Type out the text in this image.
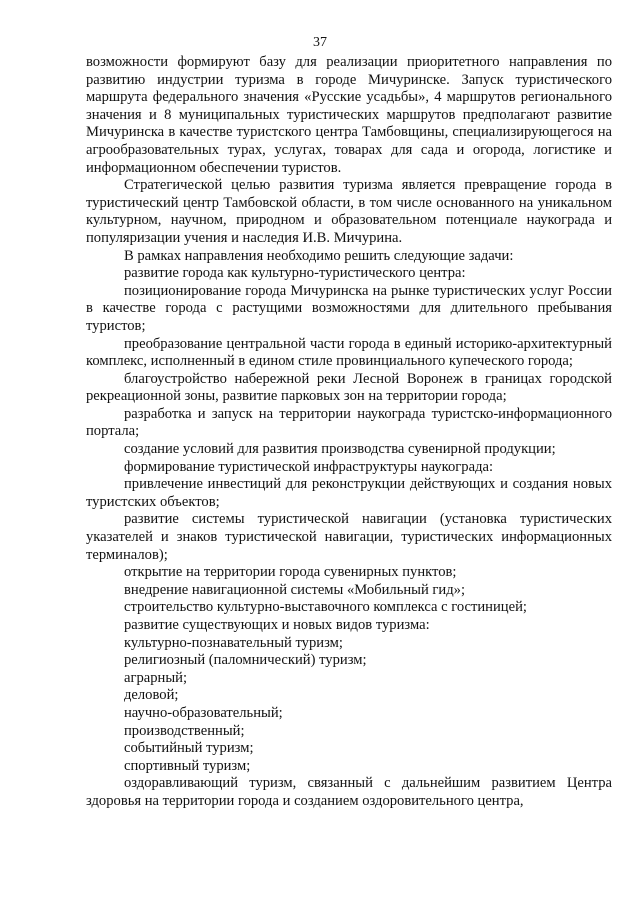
37

возможности формируют базу для реализации приоритетного направления по развитию индустрии туризма в городе Мичуринске. Запуск туристического маршрута федерального значения «Русские усадьбы», 4 маршрутов регионального значения и 8 муниципальных туристических маршрутов предполагают развитие Мичуринска в качестве туристского центра Тамбовщины, специализирующегося на агрообразовательных турах, услугах, товарах для сада и огорода, логистике и информационном обеспечении туристов.

Стратегической целью развития туризма является превращение города в туристический центр Тамбовской области, в том числе основанного на уникальном культурном, научном, природном и образовательном потенциале наукограда и популяризации учения и наследия И.В. Мичурина.

В рамках направления необходимо решить следующие задачи:

развитие города как культурно-туристического центра:

позиционирование города Мичуринска на рынке туристических услуг России в качестве города с растущими возможностями для длительного пребывания туристов;

преобразование центральной части города в единый историко-архитектурный комплекс, исполненный в едином стиле провинциального купеческого города;

благоустройство набережной реки Лесной Воронеж в границах городской рекреационной зоны, развитие парковых зон на территории города;

разработка и запуск на территории наукограда туристско-информационного портала;

создание условий для развития производства сувенирной продукции;

формирование туристической инфраструктуры наукограда:

привлечение инвестиций для реконструкции действующих и создания новых туристских объектов;

развитие системы туристической навигации (установка туристических указателей и знаков туристической навигации, туристических информационных терминалов);

открытие на территории города сувенирных пунктов;

внедрение навигационной системы «Мобильный гид»;

строительство культурно-выставочного комплекса с гостиницей;

развитие существующих и новых видов туризма:

культурно-познавательный туризм;

религиозный (паломнический) туризм;

аграрный;

деловой;

научно-образовательный;

производственный;

событийный туризм;

спортивный туризм;

оздоравливающий туризм, связанный с дальнейшим развитием Центра здоровья на территории города и созданием оздоровительного центра,
